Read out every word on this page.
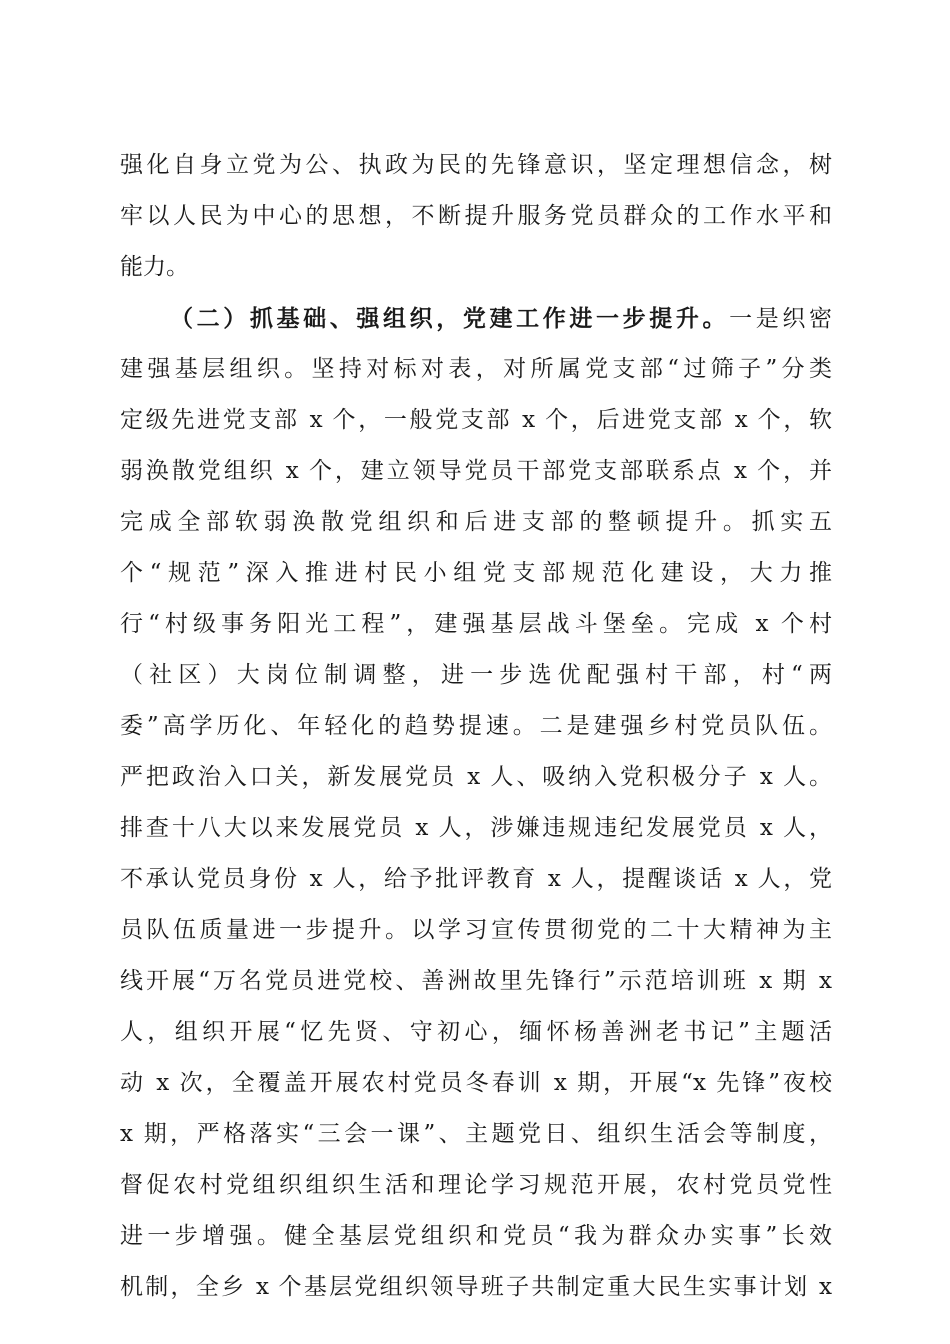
强化自身立党为公、执政为民的先锋意识，坚定理想信念，树
牢以人民为中心的思想，不断提升服务党员群众的工作水平和
能力。
（二）抓基础、强组织，党建工作进一步提升。一是织密
建强基层组织。坚持对标对表，对所属党支部“过筛子”分类
定级先进党支部 x 个，一般党支部 x 个，后进党支部 x 个，软
弱涣散党组织 x 个，建立领导党员干部党支部联系点 x 个，并
完成全部软弱涣散党组织和后进支部的整顿提升。抓实五
个“规范”深入推进村民小组党支部规范化建设，大力推
行“村级事务阳光工程”，建强基层战斗堡垒。完成 x 个村
（社区）大岗位制调整，进一步选优配强村干部，村“两
委”高学历化、年轻化的趋势提速。二是建强乡村党员队伍。
严把政治入口关，新发展党员 x 人、吸纳入党积极分子 x 人。
排查十八大以来发展党员 x 人，涉嫌违规违纪发展党员 x 人，
不承认党员身份 x 人，给予批评教育 x 人，提醒谈话 x 人，党
员队伍质量进一步提升。以学习宣传贯彻党的二十大精神为主
线开展“万名党员进党校、善洲故里先锋行”示范培训班 x 期 x
人，组织开展“忆先贤、守初心，缅怀杨善洲老书记”主题活
动 x 次，全覆盖开展农村党员冬春训 x 期，开展“x 先锋”夜校
x 期，严格落实“三会一课”、主题党日、组织生活会等制度，
督促农村党组织组织生活和理论学习规范开展，农村党员党性
进一步增强。健全基层党组织和党员“我为群众办实事”长效
机制，全乡 x 个基层党组织领导班子共制定重大民生实事计划 x
